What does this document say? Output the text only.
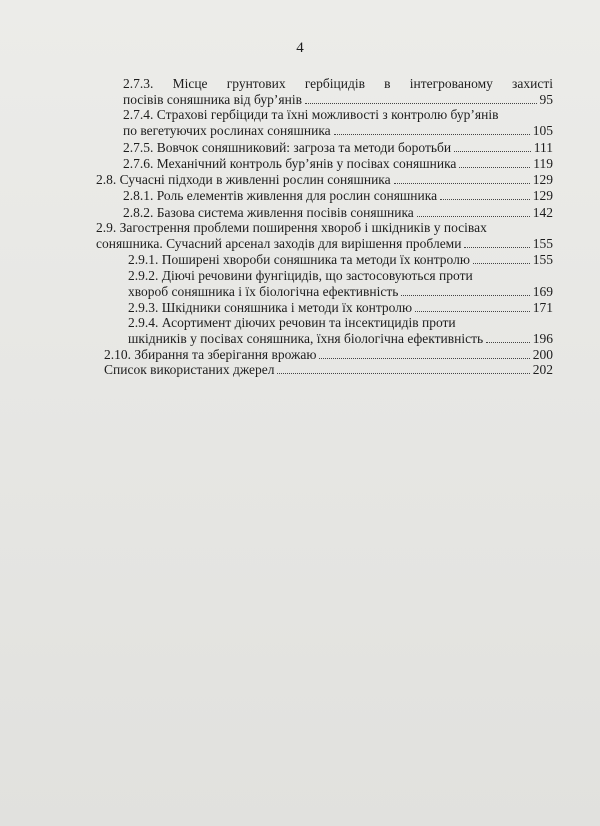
4
2.7.3. Місце грунтових гербіцидів в інтегрованому захисті
посівів соняшника від бур’янів	95
2.7.4. Страхові гербіциди та їхні можливості з контролю бур’янів
по вегетуючих рослинах соняшника	105
2.7.5. Вовчок соняшниковий: загроза та методи боротьби	111
2.7.6. Механічний контроль бур’янів у посівах соняшника	119
2.8. Сучасні підходи в живленні рослин соняшника	129
2.8.1. Роль елементів живлення для рослин соняшника	129
2.8.2. Базова система живлення посівів соняшника	142
2.9. Загострення проблеми поширення хвороб і шкідників у посівах
соняшника. Сучасний арсенал заходів для вирішення проблеми	155
2.9.1. Поширені хвороби соняшника та методи їх контролю	155
2.9.2. Діючі речовини фунгіцидів, що застосовуються проти
хвороб соняшника і їх біологічна ефективність	169
2.9.3. Шкідники соняшника і методи їх контролю	171
2.9.4. Асортимент діючих речовин та інсектицидів проти
шкідників у посівах соняшника, їхня біологічна ефективність	196
2.10. Збирання та зберігання врожаю	200
Список використаних джерел	202
